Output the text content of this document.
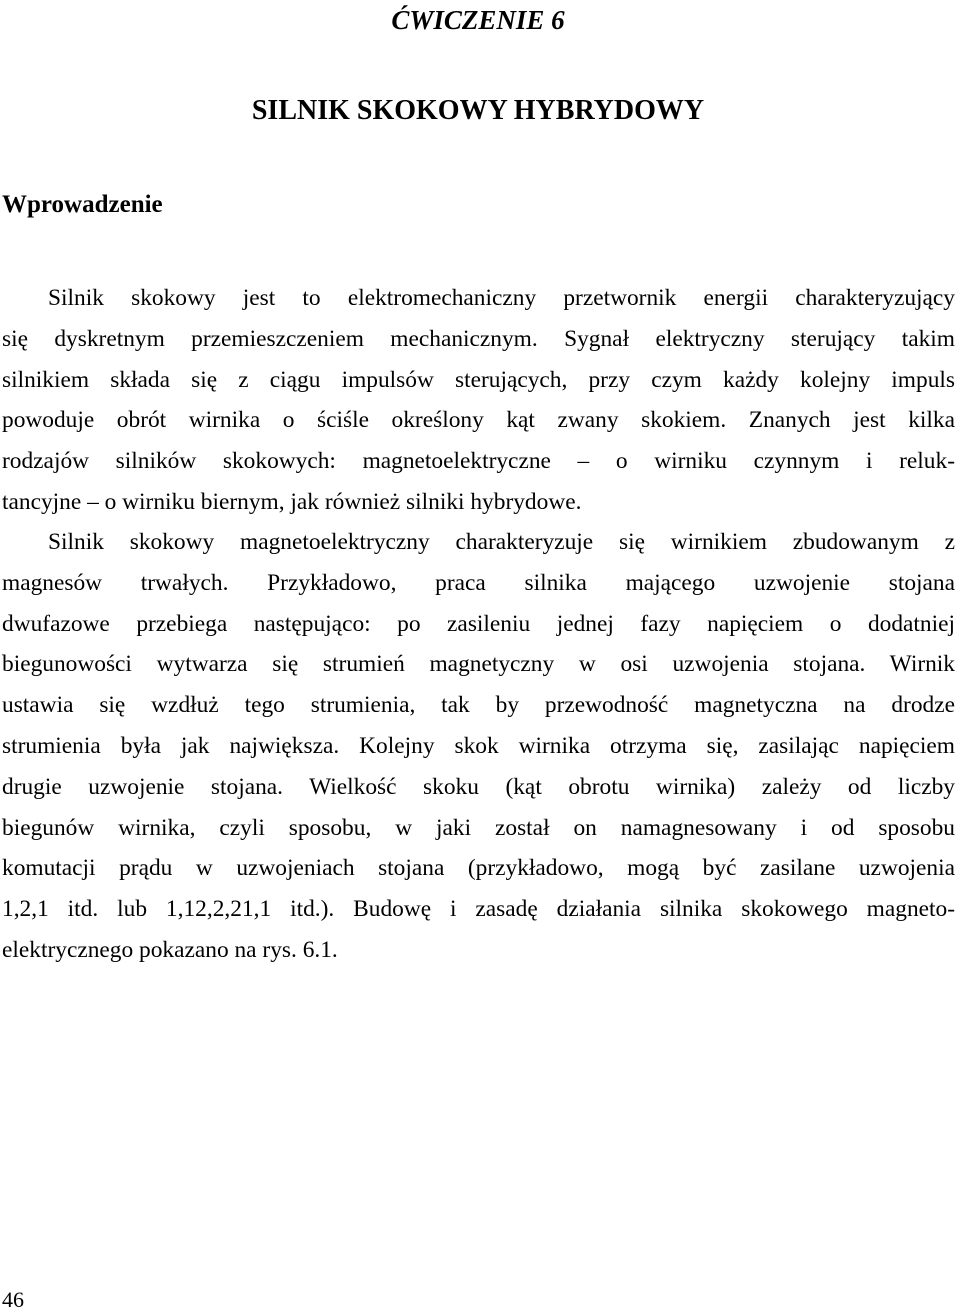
ĆWICZENIE 6
SILNIK SKOKOWY HYBRYDOWY
Wprowadzenie

Silnik skokowy jest to elektromechaniczny przetwornik energii charakteryzujący
się dyskretnym przemieszczeniem mechanicznym. Sygnał elektryczny sterujący takim
silnikiem składa się z ciągu impulsów sterujących, przy czym każdy kolejny impuls
powoduje obrót wirnika o ściśle określony kąt zwany skokiem. Znanych jest kilka
rodzajów silników skokowych: magnetoelektryczne – o wirniku czynnym i reluk-
tancyjne – o wirniku biernym, jak również silniki hybrydowe.

Silnik skokowy magnetoelektryczny charakteryzuje się wirnikiem zbudowanym z
magnesów trwałych. Przykładowo, praca silnika mającego uzwojenie stojana
dwufazowe przebiega następująco: po zasileniu jednej fazy napięciem o dodatniej
biegunowości wytwarza się strumień magnetyczny w osi uzwojenia stojana. Wirnik
ustawia się wzdłuż tego strumienia, tak by przewodność magnetyczna na drodze
strumienia była jak największa. Kolejny skok wirnika otrzyma się, zasilając napięciem
drugie uzwojenie stojana. Wielkość skoku (kąt obrotu wirnika) zależy od liczby
biegunów wirnika, czyli sposobu, w jaki został on namagnesowany i od sposobu
komutacji prądu w uzwojeniach stojana (przykładowo, mogą być zasilane uzwojenia
1,2,1 itd. lub 1,12,2,21,1 itd.). Budowę i zasadę działania silnika skokowego magneto-
elektrycznego pokazano na rys. 6.1.

46
